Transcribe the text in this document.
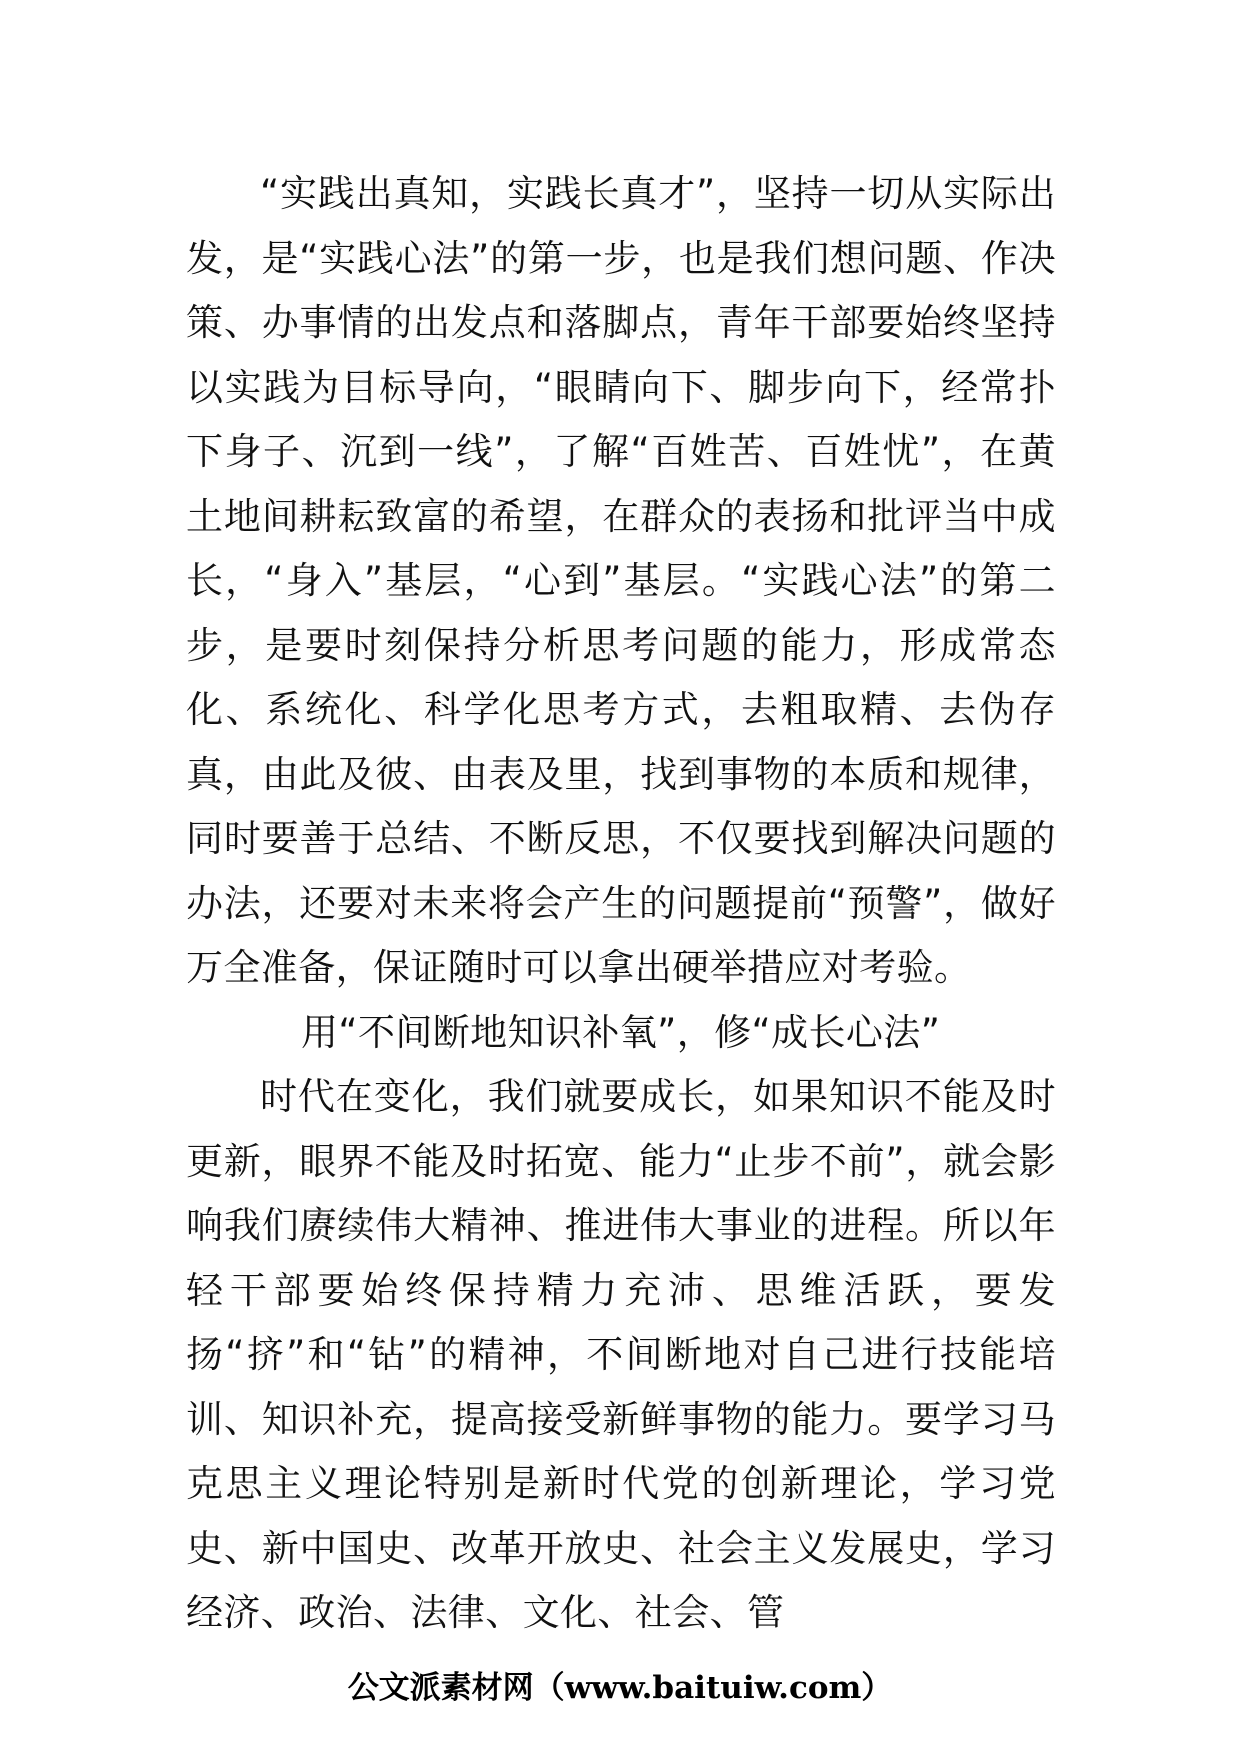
“实践出真知，实践长真才”，坚持一切从实际出发，是“实践心法”的第一步，也是我们想问题、作决策、办事情的出发点和落脚点，青年干部要始终坚持以实践为目标导向，“眼睛向下、脚步向下，经常扑下身子、沉到一线”，了解“百姓苦、百姓忧”，在黄土地间耕耘致富的希望，在群众的表扬和批评当中成长，“身入”基层，“心到”基层。“实践心法”的第二步，是要时刻保持分析思考问题的能力，形成常态化、系统化、科学化思考方式，去粗取精、去伪存真，由此及彼、由表及里，找到事物的本质和规律，同时要善于总结、不断反思，不仅要找到解决问题的办法，还要对未来将会产生的问题提前“预警”，做好万全准备，保证随时可以拿出硬举措应对考验。

用“不间断地知识补氧”，修“成长心法”

时代在变化，我们就要成长，如果知识不能及时更新，眼界不能及时拓宽、能力“止步不前”，就会影响我们赓续伟大精神、推进伟大事业的进程。所以年轻干部要始终保持精力充沛、思维活跃，要发扬“挤”和“钻”的精神，不间断地对自己进行技能培训、知识补充，提高接受新鲜事物的能力。要学习马克思主义理论特别是新时代党的创新理论，学习党史、新中国史、改革开放史、社会主义发展史，学习经济、政治、法律、文化、社会、管

公文派素材网（www.baituiw.com）
